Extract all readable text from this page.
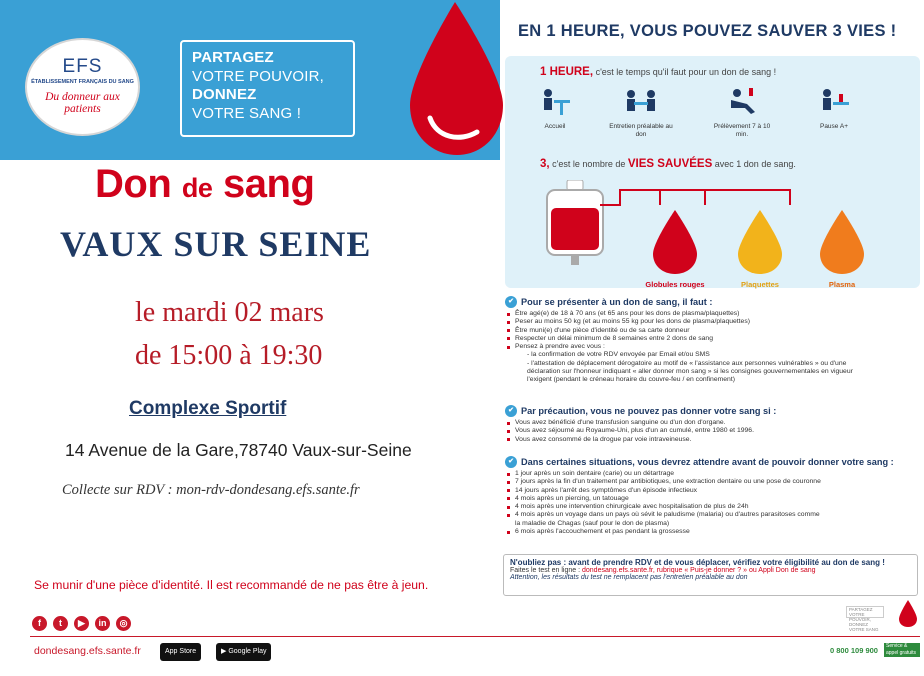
EFS
ÉTABLISSEMENT FRANÇAIS DU SANG
Du donneur aux patients
PARTAGEZ
VOTRE POUVOIR,
DONNEZ
VOTRE SANG !
Don de sang
VAUX SUR SEINE
le mardi 02 mars
de 15:00 à 19:30
Complexe Sportif
14 Avenue de la Gare,78740 Vaux-sur-Seine
Collecte sur RDV : mon-rdv-dondesang.efs.sante.fr
Se munir d'une pièce d'identité. Il est recommandé de ne pas être à jeun.
f t ▶ in ◎
dondesang.efs.sante.fr	App Store	▶ Google Play	0 800 109 900	Service & appel gratuits
EN 1 HEURE, VOUS POUVEZ SAUVER 3 VIES !
1 HEURE, c'est le temps qu'il faut pour un don de sang !
Accueil	Entretien préalable au don
Prélèvement 7 à 10 min.
Pause A+
3, c'est le nombre de VIES SAUVÉES avec 1 don de sang.
Globules rouges	Plaquettes	Plasma
✔ Pour se présenter à un don de sang, il faut :
Être agé(e) de 18 à 70 ans (et 65 ans pour les dons de plasma/plaquettes)
Peser au moins 50 kg (et au moins 55 kg pour les dons de plasma/plaquettes)
Être muni(e) d'une pièce d'identité ou de sa carte donneur
Respecter un délai minimum de 8 semaines entre 2 dons de sang
Pensez à prendre avec vous :
- la confirmation de votre RDV envoyée par Email et/ou SMS
- l'attestation de déplacement dérogatoire au motif de « l'assistance aux personnes vulnérables » ou d'une
déclaration sur l'honneur indiquant « aller donner mon sang » si les consignes gouvernementales en vigueur
l'exigent (pendant le créneau horaire du couvre-feu / en confinement)
✔ Par précaution, vous ne pouvez pas donner votre sang si :
Vous avez bénéficié d'une transfusion sanguine ou d'un don d'organe.
Vous avez séjourné au Royaume-Uni, plus d'un an cumulé, entre 1980 et 1996.
Vous avez consommé de la drogue par voie intraveineuse.
✔ Dans certaines situations, vous devrez attendre avant de pouvoir donner votre sang :
1 jour après un soin dentaire (carie) ou un détartrage
7 jours après la fin d'un traitement par antibiotiques, une extraction dentaire ou une pose de couronne
14 jours après l'arrêt des symptômes d'un épisode infectieux
4 mois après un piercing, un tatouage
4 mois après une intervention chirurgicale avec hospitalisation de plus de 24h
4 mois après un voyage dans un pays où sévit le paludisme (malaria) ou d'autres parasitoses comme
la maladie de Chagas (sauf pour le don de plasma)
6 mois après l'accouchement et pas pendant la grossesse
N'oubliez pas : avant de prendre RDV et de vous déplacer, vérifiez votre éligibilité au don de sang !
Faites le test en ligne : dondesang.efs.sante.fr, rubrique « Puis-je donner ? » ou Appli Don de sang
Attention, les résultats du test ne remplacent pas l'entretien préalable au don
PARTAGEZ VOTRE POUVOIR, DONNEZ VOTRE SANG
